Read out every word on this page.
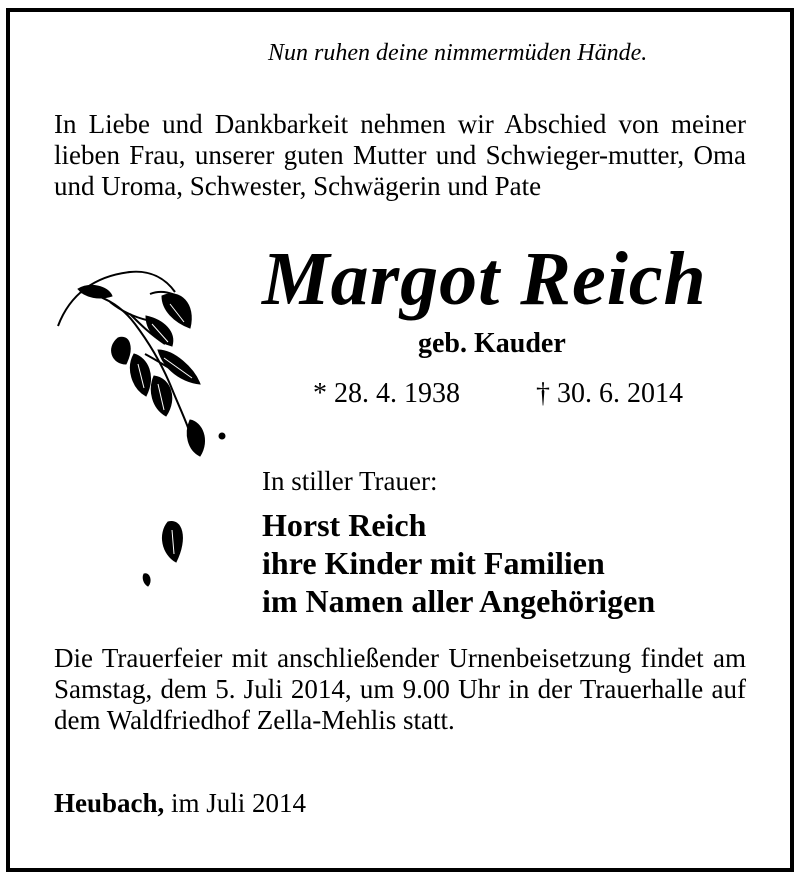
Nun ruhen deine nimmermüden Hände.
In Liebe und Dankbarkeit nehmen wir Abschied von meiner lieben Frau, unserer guten Mutter und Schwieger-mutter, Oma und Uroma, Schwester, Schwägerin und Pate
Margot Reich
geb. Kauder
* 28. 4. 1938	† 30. 6. 2014
In stiller Trauer:
Horst Reich
ihre Kinder mit Familien
im Namen aller Angehörigen
Die Trauerfeier mit anschließender Urnenbeisetzung findet am Samstag, dem 5. Juli 2014, um 9.00 Uhr in der Trauerhalle auf dem Waldfriedhof Zella-Mehlis statt.
Heubach, im Juli 2014
